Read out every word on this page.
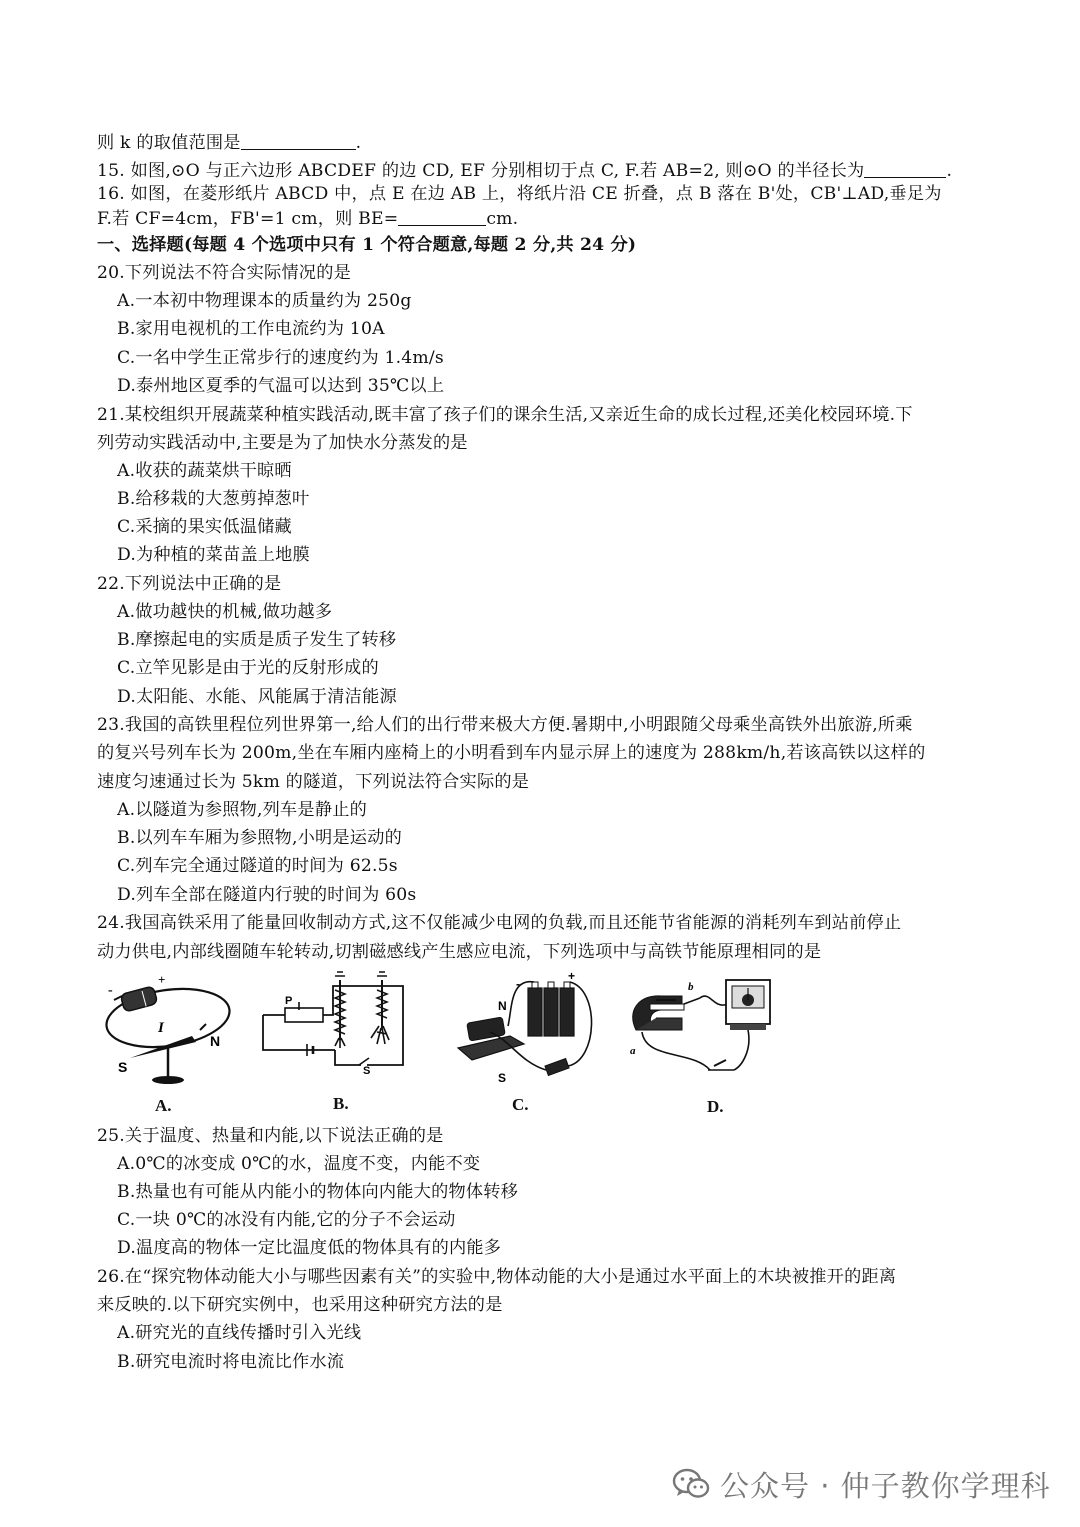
则 k 的取值范围是	.
15. 如图,⊙O 与正六边形 ABCDEF 的边 CD, EF 分别相切于点 C, F.若 AB=2, 则⊙O 的半径长为	.
16. 如图，在菱形纸片 ABCD 中，点 E 在边 AB 上，将纸片沿 CE 折叠，点 B 落在 B'处，CB'⊥AD,垂足为
F.若 CF=4cm，FB'=1 cm，则 BE=	cm.
一、选择题(每题 4 个选项中只有 1 个符合题意,每题 2 分,共 24 分)
20.下列说法不符合实际情况的是
A.一本初中物理课本的质量约为 250g
B.家用电视机的工作电流约为 10A
C.一名中学生正常步行的速度约为 1.4m/s
D.泰州地区夏季的气温可以达到 35℃以上
21.某校组织开展蔬菜种植实践活动,既丰富了孩子们的课余生活,又亲近生命的成长过程,还美化校园环境.下
列劳动实践活动中,主要是为了加快水分蒸发的是
A.收获的蔬菜烘干晾晒
B.给移栽的大葱剪掉葱叶
C.采摘的果实低温储藏
D.为种植的菜苗盖上地膜
22.下列说法中正确的是
A.做功越快的机械,做功越多
B.摩擦起电的实质是质子发生了转移
C.立竿见影是由于光的反射形成的
D.太阳能、水能、风能属于清洁能源
23.我国的高铁里程位列世界第一,给人们的出行带来极大方便.暑期中,小明跟随父母乘坐高铁外出旅游,所乘
的复兴号列车长为 200m,坐在车厢内座椅上的小明看到车内显示屏上的速度为 288km/h,若该高铁以这样的
速度匀速通过长为 5km 的隧道，下列说法符合实际的是
A.以隧道为参照物,列车是静止的
B.以列车车厢为参照物,小明是运动的
C.列车完全通过隧道的时间为 62.5s
D.列车全部在隧道内行驶的时间为 60s
24.我国高铁采用了能量回收制动方式,这不仅能减少电网的负载,而且还能节省能源的消耗列车到站前停止
动力供电,内部线圈随车轮转动,切割磁感线产生感应电流，下列选项中与高铁节能原理相同的是
+
-
I
S
N
A.
P
S
B.
N
S
+
-
C.
a
b
D.
25.关于温度、热量和内能,以下说法正确的是
A.0℃的冰变成 0℃的水，温度不变，内能不变
B.热量也有可能从内能小的物体向内能大的物体转移
C.一块 0℃的冰没有内能,它的分子不会运动
D.温度高的物体一定比温度低的物体具有的内能多
26.在“探究物体动能大小与哪些因素有关”的实验中,物体动能的大小是通过水平面上的木块被推开的距离
来反映的.以下研究实例中，也采用这种研究方法的是
A.研究光的直线传播时引入光线
B.研究电流时将电流比作水流
公众号 · 仲子教你学理科
